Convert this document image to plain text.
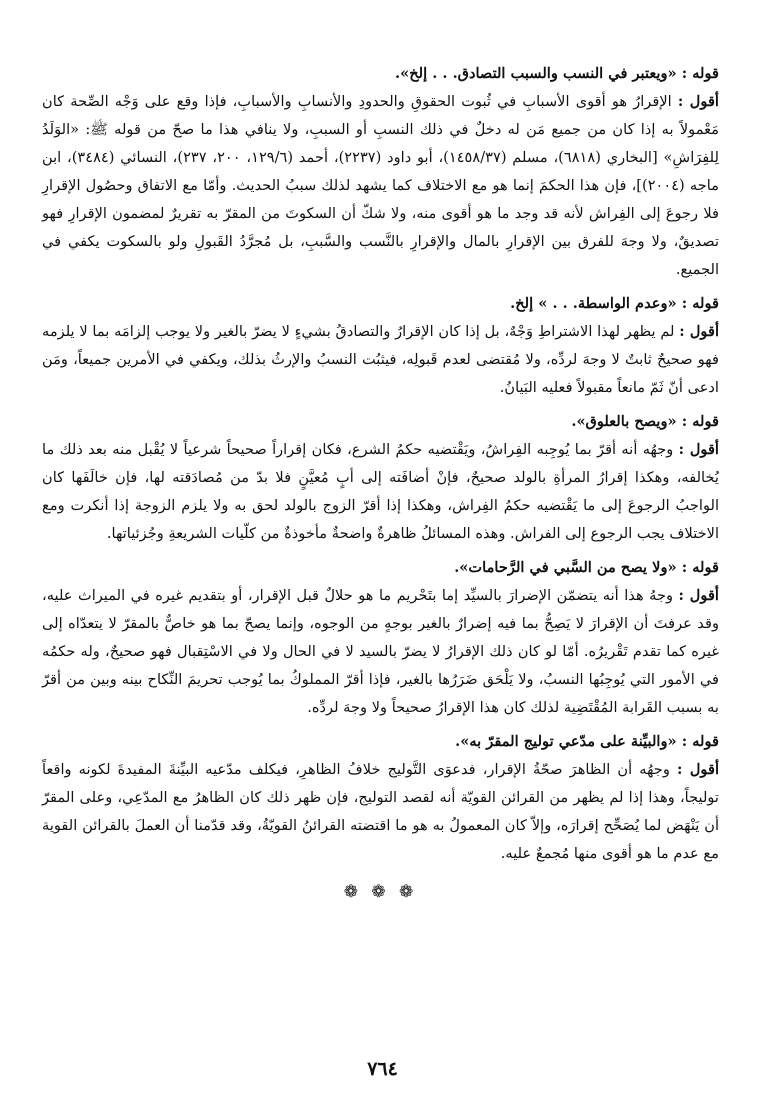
قوله : «ويعتبر في النسب والسبب التصادق. . . إلخ».
أقول : الإقرارُ هو أقوى الأسبابِ في ثُبوت الحقوقِ والحدودِ والأنسابِ والأسبابِ، فإذا وقع على وَجْه الصِّحة كان مَعْمولاً به إذا كان من جميع مَن له دخلٌ في ذلك النسبِ أو السببِ، ولا ينافي هذا ما صحّ من قوله ﷺ: «الوَلَدُ لِلفِرَاشِ» [البخاري (٦٨١٨)، مسلم (١٤٥٨/٣٧)، أبو داود (٢٢٣٧)، أحمد (١٢٩/٦، ٢٠٠، ٢٣٧)، النسائي (٣٤٨٤)، ابن ماجه (٢٠٠٤)]، فإن هذا الحكمَ إنما هو مع الاختلاف كما يشهد لذلك سببُ الحديث. وأمّا مع الاتفاق وحصُول الإقرارِ فلا رجوعَ إلى الفِراش لأنه قد وجد ما هو أقوى منه، ولا شكّ أن السكوتَ من المقرّ به تقريرٌ لمضمون الإقرارِ فهو تصديقٌ، ولا وجهَ للفرق بين الإقرارِ بالمال والإقرارِ بالنَّسب والسَّببِ، بل مُجرَّدُ القَبولِ ولو بالسكوت يكفي في الجميع.
قوله : «وعدم الواسطة. . . » إلخ.
أقول : لم يظهر لهذا الاشتراطِ وَجْهٌ، بل إذا كان الإقرارُ والتصادقُ بشيءٍ لا يضرّ بالغير ولا يوجب إلزامَه بما لا يلزمه فهو صحيحٌ ثابتٌ لا وجهَ لردِّه، ولا مُقتضى لعدم قَبولِه، فيثبُت النسبُ والإرثُ بذلك، ويكفي في الأمرين جميعاً، ومَن ادعى أنّ ثَمّ مانعاً مقبولاً فعليه البَيانُ.
قوله : «ويصح بالعلوق».
أقول : وجهُه أنه أقرّ بما يُوجِبه الفِراشُ، ويَقْتضيه حكمُ الشرع، فكان إقراراً صحيحاً شرعياً لا يُقْبل منه بعد ذلك ما يُخالفه، وهكذا إقرارُ المرأةِ بالولد صحيحٌ، فإنْ أضافَته إلى أبٍ مُعيَّنٍ فلا بدّ من مُصادَقته لها، فإن خالَفَها كان الواجبُ الرجوعَ إلى ما يَقْتضيه حكمُ الفِراش، وهكذا إذا أقرّ الزوج بالولد لحق به ولا يلزم الزوجة إذا أنكرت ومع الاختلاف يجب الرجوع إلى الفراش. وهذه المسائلُ ظاهرةٌ واضحةٌ مأخوذةٌ من كلّيات الشريعةِ وجُزئياتها.
قوله : «ولا يصح من السَّبي في الرَّحامات».
أقول : وجهُ هذا أنه يتضمّن الإضرارَ بالسيِّد إما بتَحْريم ما هو حلالٌ قبل الإقرار، أو بتقديم غيره في الميراث عليه، وقد عرفتَ أن الإقرارَ لا يَصِحُّ بما فيه إضرارٌ بالغير بوجهٍ من الوجوه، وإنما يصحّ بما هو خاصٌّ بالمقرّ لا يتعدّاه إلى غيره كما تقدم تَقْريرُه. أمّا لو كان ذلك الإقرارُ لا يضرّ بالسيد لا في الحال ولا في الاسْتِقبال فهو صحيحٌ، وله حكمُه في الأمور التي يُوجِبُها النسبُ، ولا يَلْحَق ضَرَرُها بالغير، فإذا أقرّ المملوكُ بما يُوجب تحريمَ النِّكاح بينه وبين من أقرّ به بسبب القَرابة المُقْتَضِية لذلك كان هذا الإقرارُ صحيحاً ولا وجهَ لردِّه.
قوله : «والبيِّنة على مدّعي توليج المقرّ به».
أقول : وجهُه أن الظاهرَ صحّةُ الإقرار، فدعوَى التَّوليج خلافُ الظاهرِ، فيكلف مدّعيه البيِّنةَ المفيدةَ لكونه واقعاً توليجاً، وهذا إذا لم يظهر من القرائن القويّة أنه لقصد التوليج، فإن ظهر ذلك كان الظاهرُ مع المدّعِي، وعلى المقرّ أن يَنْهَض لما يُصَحِّح إقرارَه، وإلاّ كان المعمولُ به هو ما اقتضته القرائنُ القويّةُ، وقد قدّمنا أن العملَ بالقرائن القوية مع عدم ما هو أقوى منها مُجمعٌ عليه.
❁ ❁ ❁
٧٦٤
